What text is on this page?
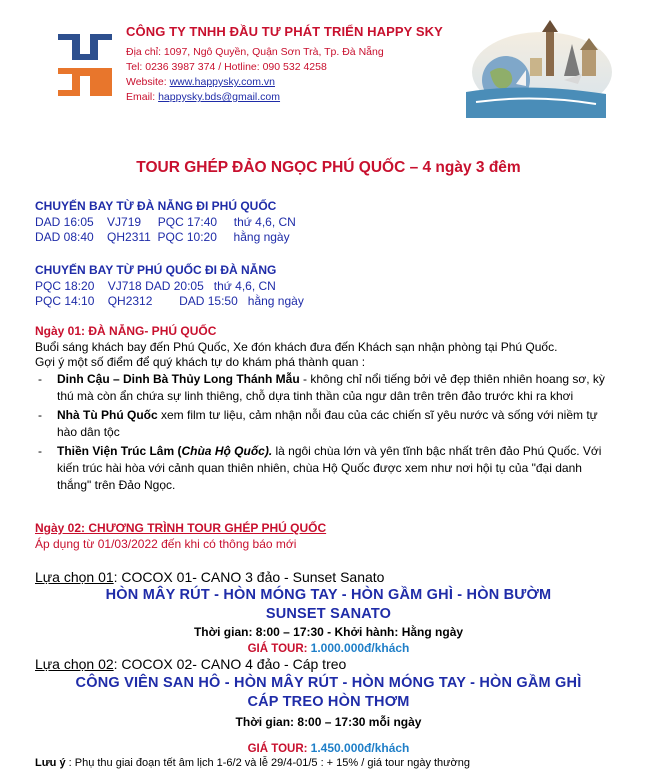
CÔNG TY TNHH ĐẦU TƯ PHÁT TRIỂN HAPPY SKY
Địa chỉ: 1097, Ngô Quyền, Quận Sơn Trà, Tp. Đà Nẵng
Tel: 0236 3987 374 / Hotline: 090 532 4258
Website: www.happysky.com.vn
Email: happysky.bds@gmail.com
TOUR GHÉP ĐẢO NGỌC PHÚ QUỐC – 4 ngày 3 đêm
CHUYẾN BAY TỪ ĐÀ NẴNG ĐI PHÚ QUỐC
DAD 16:05    VJ719     PQC 17:40     thứ 4,6, CN
DAD 08:40    QH2311  PQC 10:20     hằng ngày
CHUYẾN BAY TỪ PHÚ QUỐC ĐI ĐÀ NẴNG
PQC 18:20    VJ718 DAD 20:05   thứ 4,6, CN
PQC 14:10    QH2312        DAD 15:50   hằng ngày
Ngày 01: ĐÀ NẴNG- PHÚ QUỐC
Buổi sáng khách bay đến Phú Quốc, Xe đón khách đưa đến Khách sạn nhận phòng tại Phú Quốc.
Gợi ý một số điểm để quý khách tự do khám phá thành quan :
- Dinh Cậu – Dinh Bà Thủy Long Thánh Mẫu - không chỉ nổi tiếng bởi vẻ đẹp thiên nhiên hoang sơ, kỳ thú mà còn ẩn chứa sự linh thiêng, chỗ dựa tinh thần của ngư dân trên trên đảo trước khi ra khơi
- Nhà Tù Phú Quốc xem film tư liệu, cảm nhận nỗi đau của các chiến sĩ yêu nước và sống với niềm tự hào dân tộc
- Thiền Viện Trúc Lâm (Chùa Hộ Quốc). là ngôi chùa lớn và yên tĩnh bậc nhất trên đảo Phú Quốc. Với kiến trúc hài hòa với cảnh quan thiên nhiên, chùa Hộ Quốc được xem như nơi hội tụ của "đại danh thắng" trên Đảo Ngọc.
Ngày 02: CHƯƠNG TRÌNH TOUR GHÉP PHÚ QUỐC
Áp dụng từ 01/03/2022 đến khi có thông báo mới
Lựa chọn 01: COCOX 01- CANO 3 đảo - Sunset Sanato
HÒN MÂY RÚT - HÒN MÓNG TAY - HÒN GẦM GHÌ - HÒN BƯỜM
SUNSET SANATO
Thời gian: 8:00 – 17:30 - Khởi hành: Hằng ngày
GIÁ TOUR: 1.000.000đ/khách
Lựa chọn 02: COCOX 02- CANO 4 đảo - Cáp treo
CÔNG VIÊN SAN HÔ - HÒN MÂY RÚT - HÒN MÓNG TAY - HÒN GẦM GHÌ
CÁP TREO HÒN THƠM
Thời gian: 8:00 – 17:30 mỗi ngày
GIÁ TOUR: 1.450.000đ/khách
Lưu ý : Phụ thu giai đoạn tết âm lịch 1-6/2 và lễ 29/4-01/5 : + 15% / giá tour ngày thường
